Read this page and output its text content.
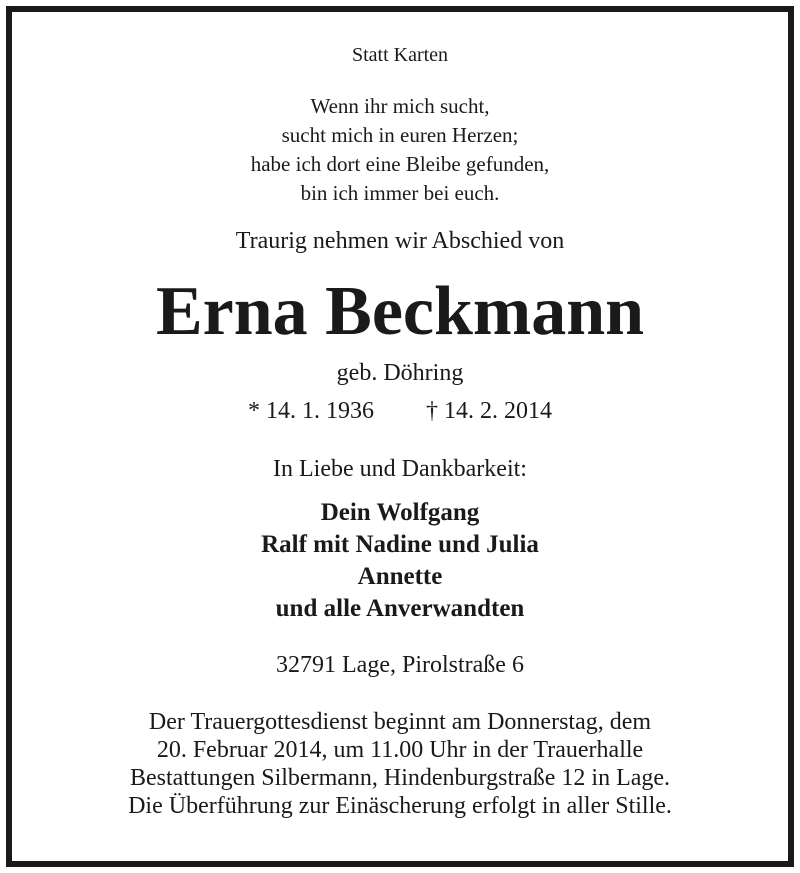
Statt Karten
Wenn ihr mich sucht,
sucht mich in euren Herzen;
habe ich dort eine Bleibe gefunden,
bin ich immer bei euch.
Traurig nehmen wir Abschied von
Erna Beckmann
geb. Döhring
* 14. 1. 1936 † 14. 2. 2014
In Liebe und Dankbarkeit:
Dein Wolfgang
Ralf mit Nadine und Julia
Annette
und alle Anverwandten
32791 Lage, Pirolstraße 6
Der Trauergottesdienst beginnt am Donnerstag, dem
20. Februar 2014, um 11.00 Uhr in der Trauerhalle
Bestattungen Silbermann, Hindenburgstraße 12 in Lage.
Die Überführung zur Einäscherung erfolgt in aller Stille.
